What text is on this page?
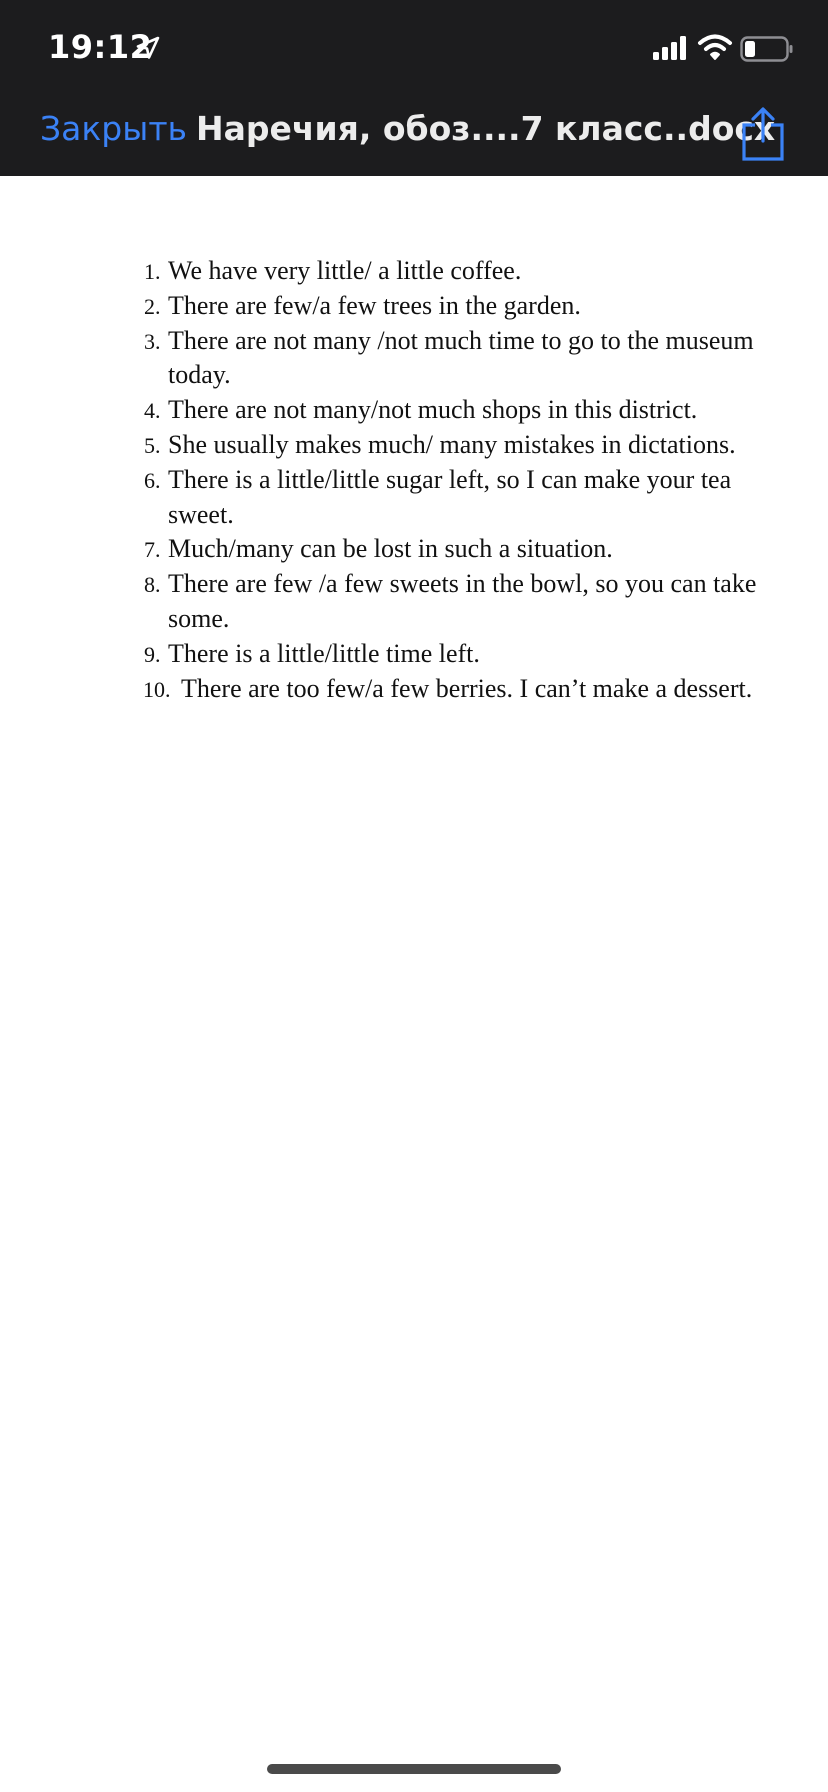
19:12
Закрыть Наречия, обоз....7 класс..docx
1. We have very little/ a little coffee.
2. There are few/a few trees in the garden.
3. There are not many /not much time to go to the museum today.
4. There are not many/not much shops in this district.
5. She usually makes much/ many mistakes in dictations.
6. There is a little/little sugar left, so I can make your tea sweet.
7. Much/many can be lost in such a situation.
8. There are few /a few sweets in the bowl, so you can take some.
9. There is a little/little time left.
10. There are too few/a few berries. I can’t make a dessert.
